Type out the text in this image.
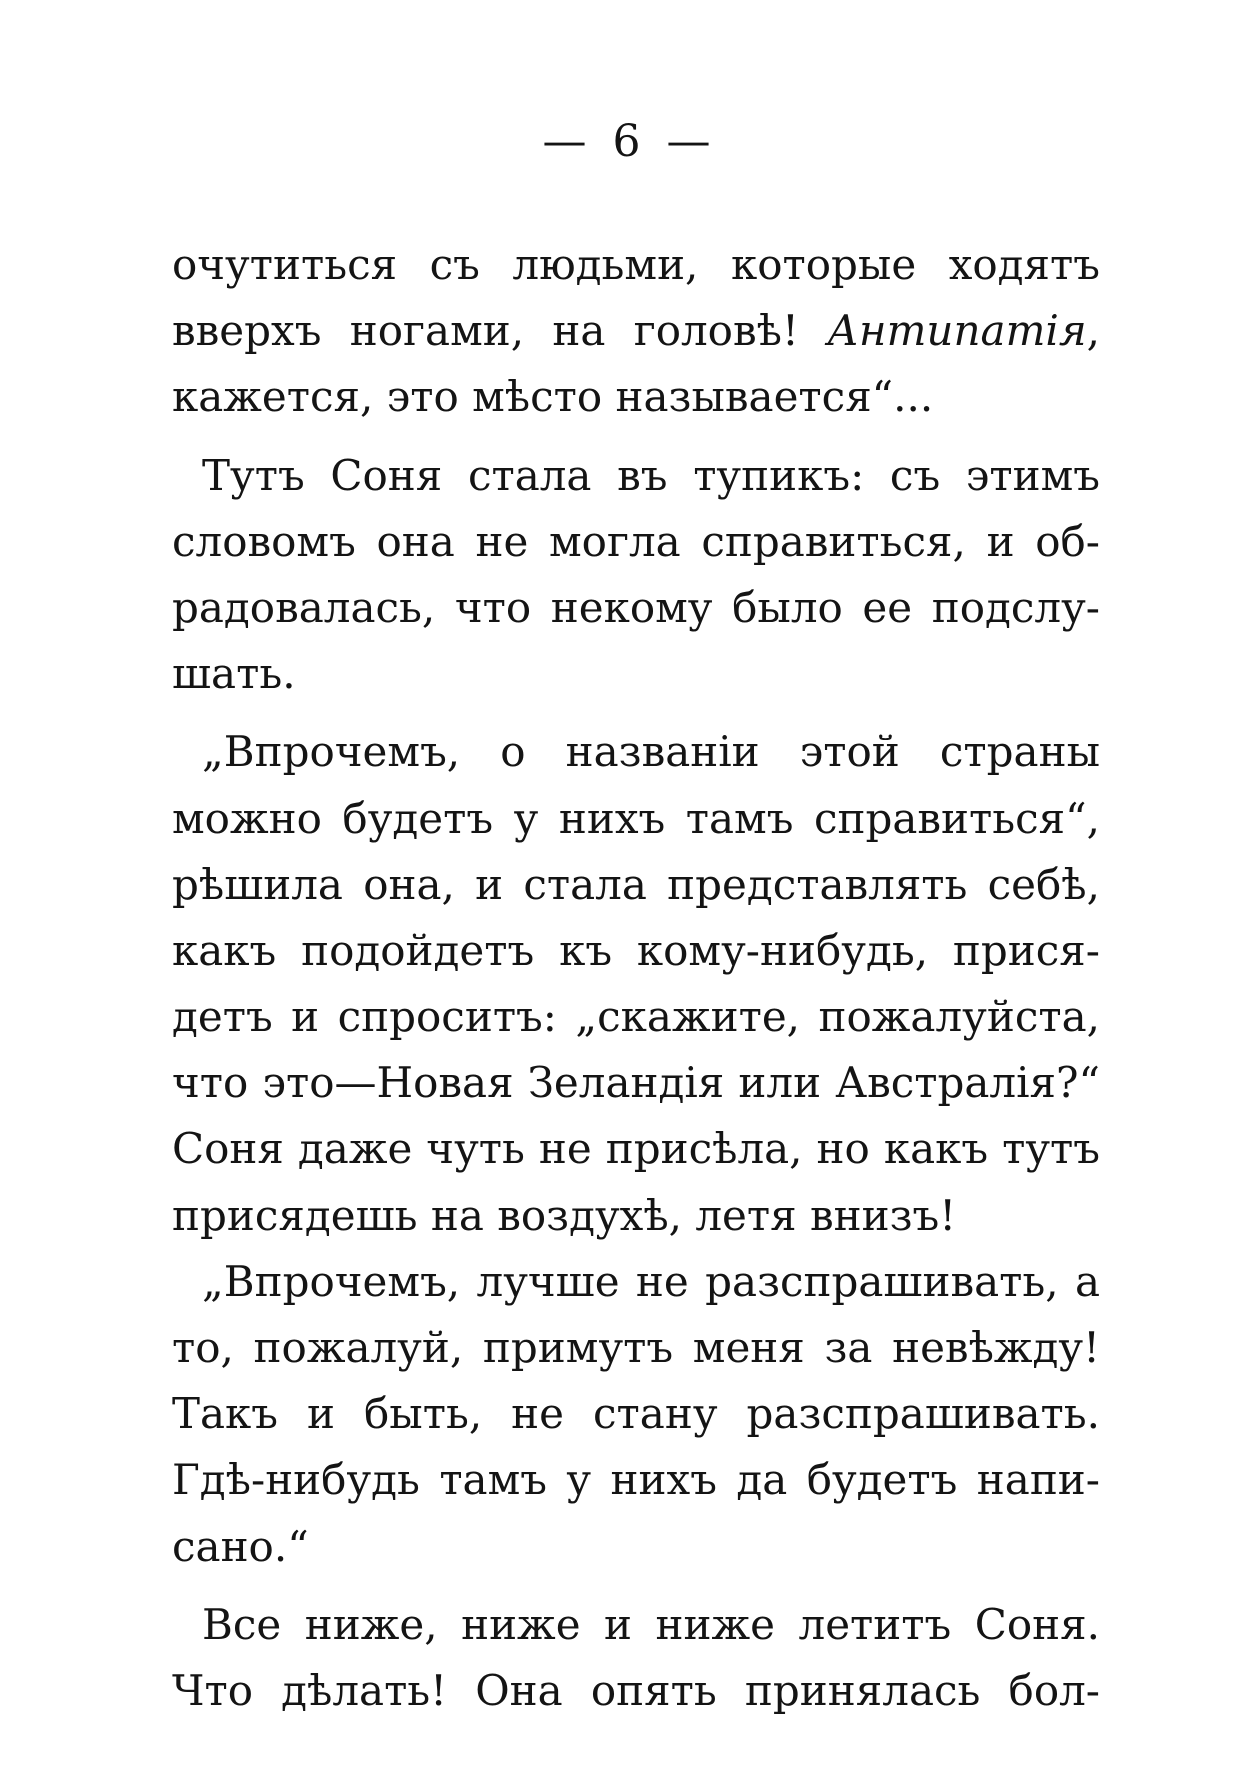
— 6 —
очутиться съ людьми, которые ходятъ
вверхъ ногами, на головѣ! Антипатія,
кажется, это мѣсто называется“...
Тутъ Соня стала въ тупикъ: съ этимъ
словомъ она не могла справиться, и об-
радовалась, что некому было ее подслу-
шать.
„Впрочемъ, о названіи этой страны
можно будетъ у нихъ тамъ справиться“,
рѣшила она, и стала представлять себѣ,
какъ подойдетъ къ кому-нибудь, прися-
детъ и спроситъ: „скажите, пожалуйста,
что это—Новая Зеландія или Австралія?“
Соня даже чуть не присѣла, но какъ тутъ
присядешь на воздухѣ, летя внизъ!
„Впрочемъ, лучше не разспрашивать, а
то, пожалуй, примутъ меня за невѣжду!
Такъ и быть, не стану разспрашивать.
Гдѣ-нибудь тамъ у нихъ да будетъ напи-
сано.“
Все ниже, ниже и ниже летитъ Соня.
Что дѣлать! Она опять принялась бол-
